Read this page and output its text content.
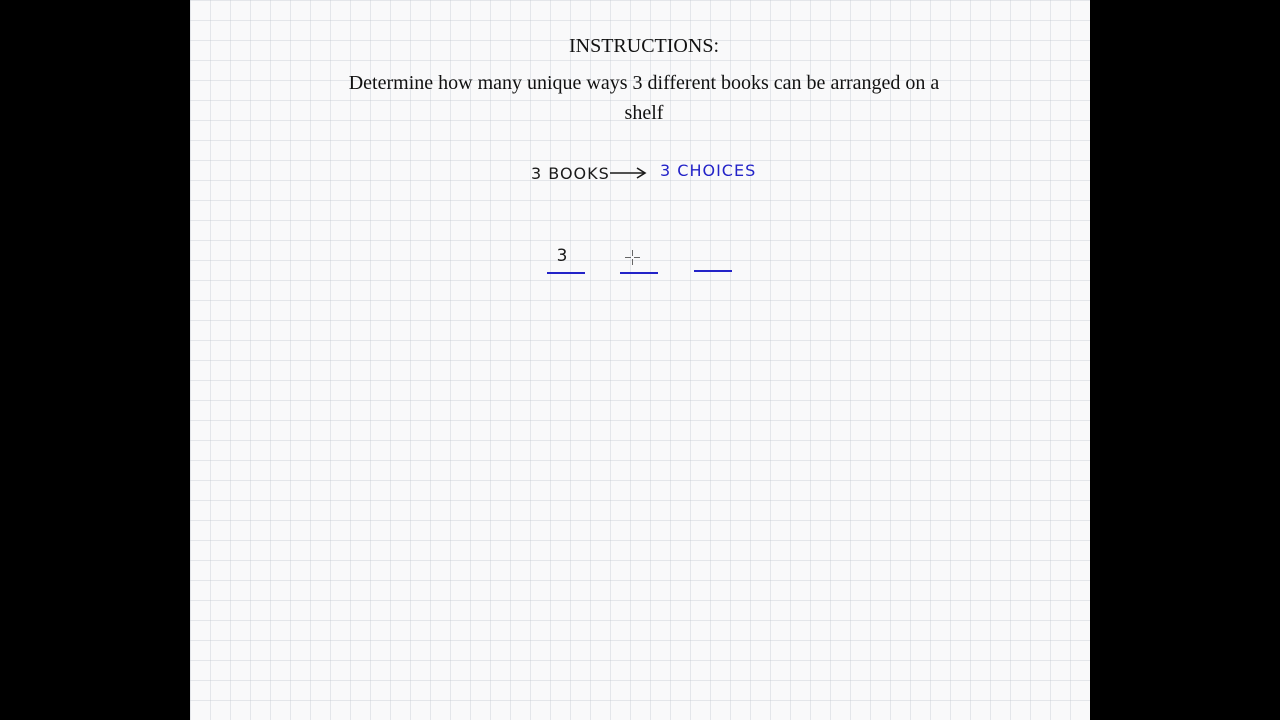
INSTRUCTIONS:
Determine how many unique ways 3 different books can be arranged on a shelf
3 BOOKS	3 CHOICES
3
